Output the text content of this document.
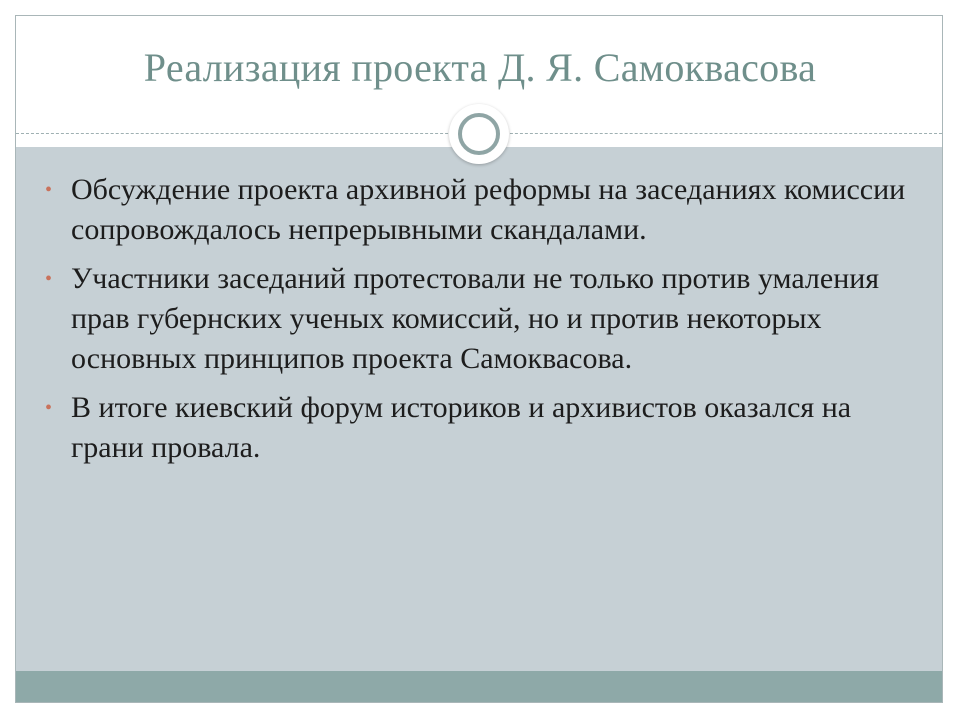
Реализация проекта Д. Я. Самоквасова
• Обсуждение проекта архивной реформы на заседаниях комиссии сопровождалось непрерывными скандалами.
• Участники заседаний протестовали не только против умаления прав губернских ученых комиссий, но и против некоторых основных принципов проекта Самоквасова.
• В итоге киевский форум историков и архивистов оказался на грани провала.
